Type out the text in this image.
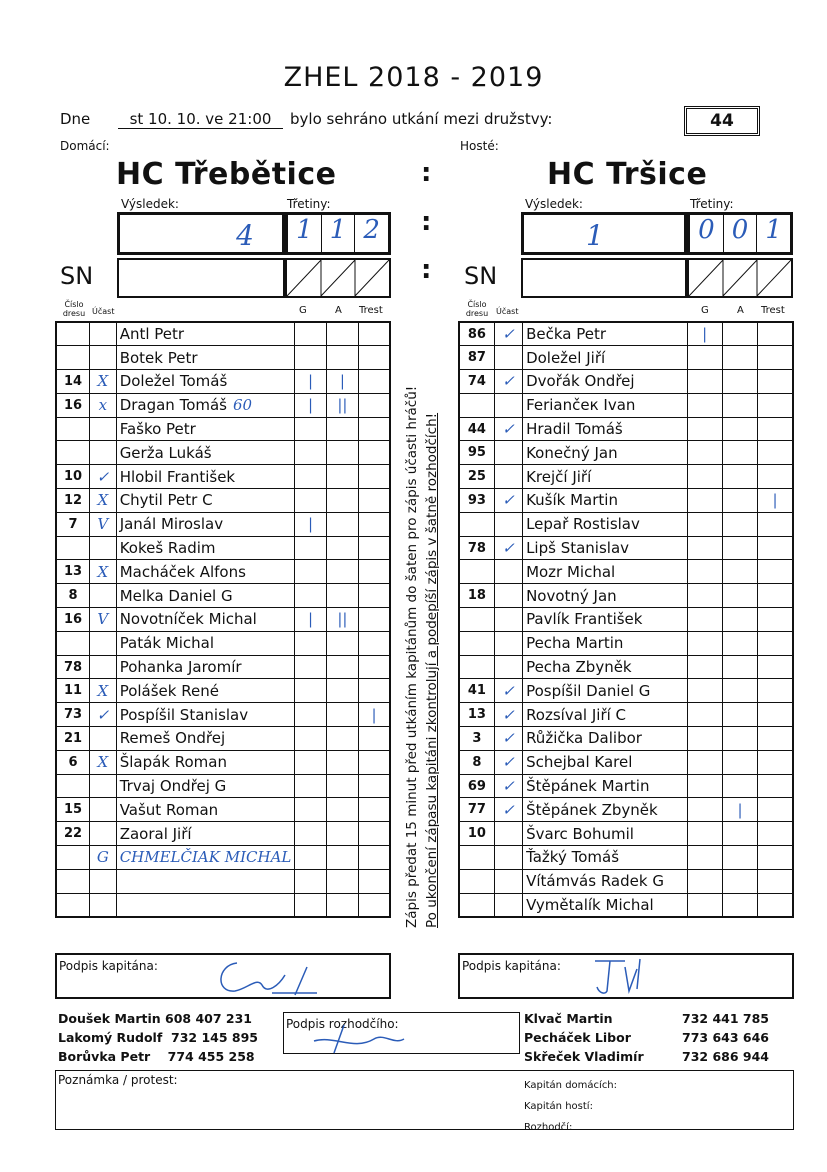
ZHEL 2018 - 2019
Dne	st 10. 10. ve 21:00	bylo sehráno utkání mezi družstvy:	44
Domácí:	Hosté:
HC Třebětice	HC Tršice
:
Výsledek:	Třetiny:
4	1 1 2	:
Výsledek:	Třetiny:
1	0 0 1
SN	: SN
Číslo dresu Účast	G	A Trest
Číslo dresu Účast	G	A Trest
		Antl Petr			
		Botek Petr			
14	X	Doležel Tomáš	|	|	
16	x	Dragan Tomáš 60	|	||	
		Faško Petr			
		Gerža Lukáš			
10	✓	Hlobil František			
12	X	Chytil Petr C			
7	V	Janál Miroslav	|		
		Kokeš Radim			
13	X	Macháček Alfons			
8		Melka Daniel G			
16	V	Novotníček Michal	|	||	
		Paták Michal			
78		Pohanka Jaromír			
11	X	Polášek René			
73	✓	Pospíšil Stanislav			|
21		Remeš Ondřej			
6	X	Šlapák Roman			
		Trvaj Ondřej G			
15		Vašut Roman			
22		Zaoral Jiří			
	G	CHMELČIAK MICHAL			

86	✓	Bečka Petr	|		
87		Doležel Jiří			
74	✓	Dvořák Ondřej			
		Feriančeк Ivan			
44	✓	Hradil Tomáš			
95		Konečný Jan			
25		Krejčí Jiří			
93	✓	Kušík Martin			|
		Lepař Rostislav			
78	✓	Lipš Stanislav			
		Mozr Michal			
18		Novotný Jan			
		Pavlík František			
		Pecha Martin			
		Pecha Zbyněk			
41	✓	Pospíšil Daniel G			
13	✓	Rozsíval Jiří C			
3	✓	Růžička Dalibor			
8	✓	Schejbal Karel			
69	✓	Štěpánek Martin			
77	✓	Štěpánek Zbyněk		|	
10		Švarc Bohumil			
		Ťažký Tomáš			
		Vítámvás Radek G			
		Vymětalík Michal			
Zápis předat 15 minut před utkáním kapitánům do šaten pro zápis účasti hráčů! Po ukončení zápasu kapitáni zkontrolují a podepíší zápis v šatně rozhodčích!
Podpis kapitána:	Podpis kapitána:
Doušek Martin 608 407 231
Lakomý Rudolf 732 145 895
Borůvka Petr 774 455 258
Podpis rozhodčího:	Klvač Martin	732 441 785
Pecháček Libor	773 643 646
Skřeček Vladimír	732 686 944
Poznámka / protest:	Kapitán domácích:
Kapitán hostí:
Rozhodčí:
